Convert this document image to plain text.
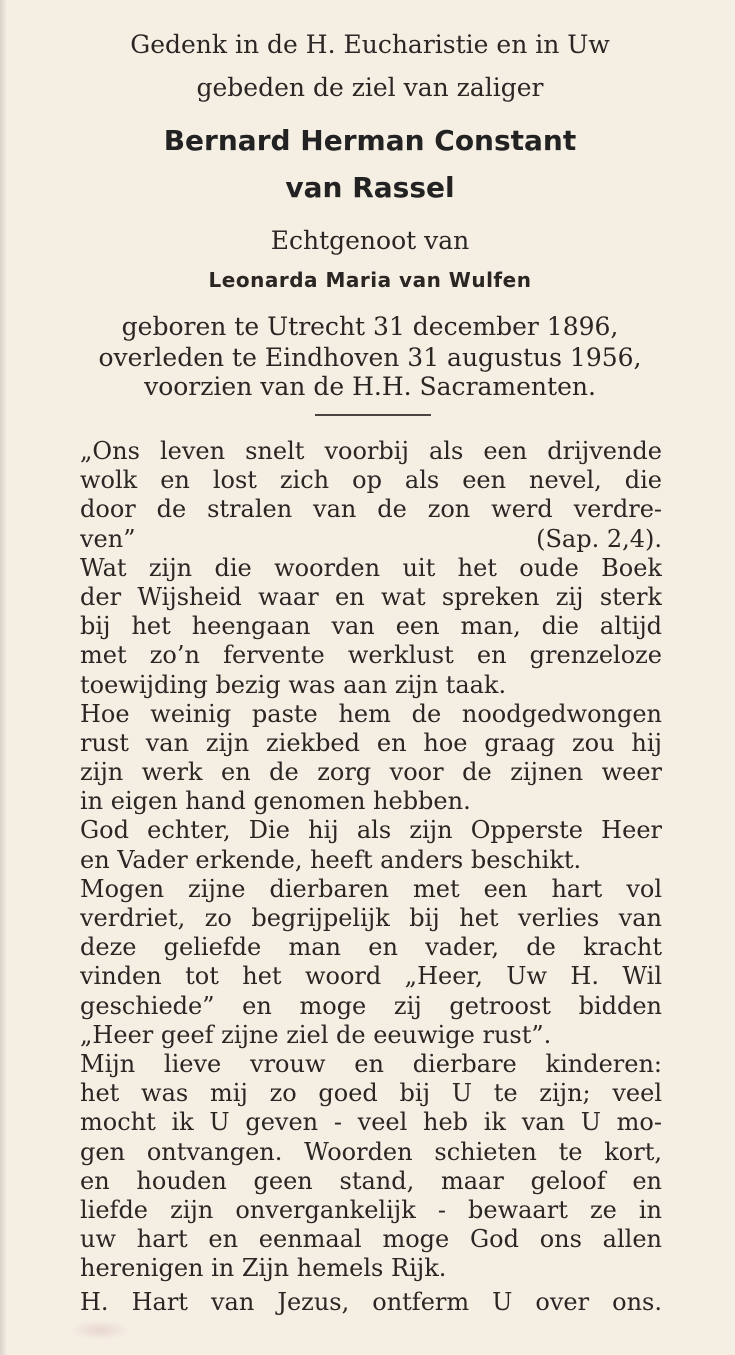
Gedenk in de H. Eucharistie en in Uw
gebeden de ziel van zaliger
Bernard Herman Constant
van Rassel
Echtgenoot van
Leonarda Maria van Wulfen
geboren te Utrecht 31 december 1896,
overleden te Eindhoven 31 augustus 1956,
voorzien van de H.H. Sacramenten.
„Ons leven snelt voorbij als een drijvende
wolk en lost zich op als een nevel, die
door de stralen van de zon werd verdre-
ven”	(Sap. 2,4).
Wat zijn die woorden uit het oude Boek
der Wijsheid waar en wat spreken zij sterk
bij het heengaan van een man, die altijd
met zo’n fervente werklust en grenzeloze
toewijding bezig was aan zijn taak.
Hoe weinig paste hem de noodgedwongen
rust van zijn ziekbed en hoe graag zou hij
zijn werk en de zorg voor de zijnen weer
in eigen hand genomen hebben.
God echter, Die hij als zijn Opperste Heer
en Vader erkende, heeft anders beschikt.
Mogen zijne dierbaren met een hart vol
verdriet, zo begrijpelijk bij het verlies van
deze geliefde man en vader, de kracht
vinden tot het woord „Heer, Uw H. Wil
geschiede” en moge zij getroost bidden
„Heer geef zijne ziel de eeuwige rust”.
Mijn lieve vrouw en dierbare kinderen:
het was mij zo goed bij U te zijn; veel
mocht ik U geven - veel heb ik van U mo-
gen ontvangen. Woorden schieten te kort,
en houden geen stand, maar geloof en
liefde zijn onvergankelijk - bewaart ze in
uw hart en eenmaal moge God ons allen
herenigen in Zijn hemels Rijk.
H. Hart van Jezus, ontferm U over ons.
